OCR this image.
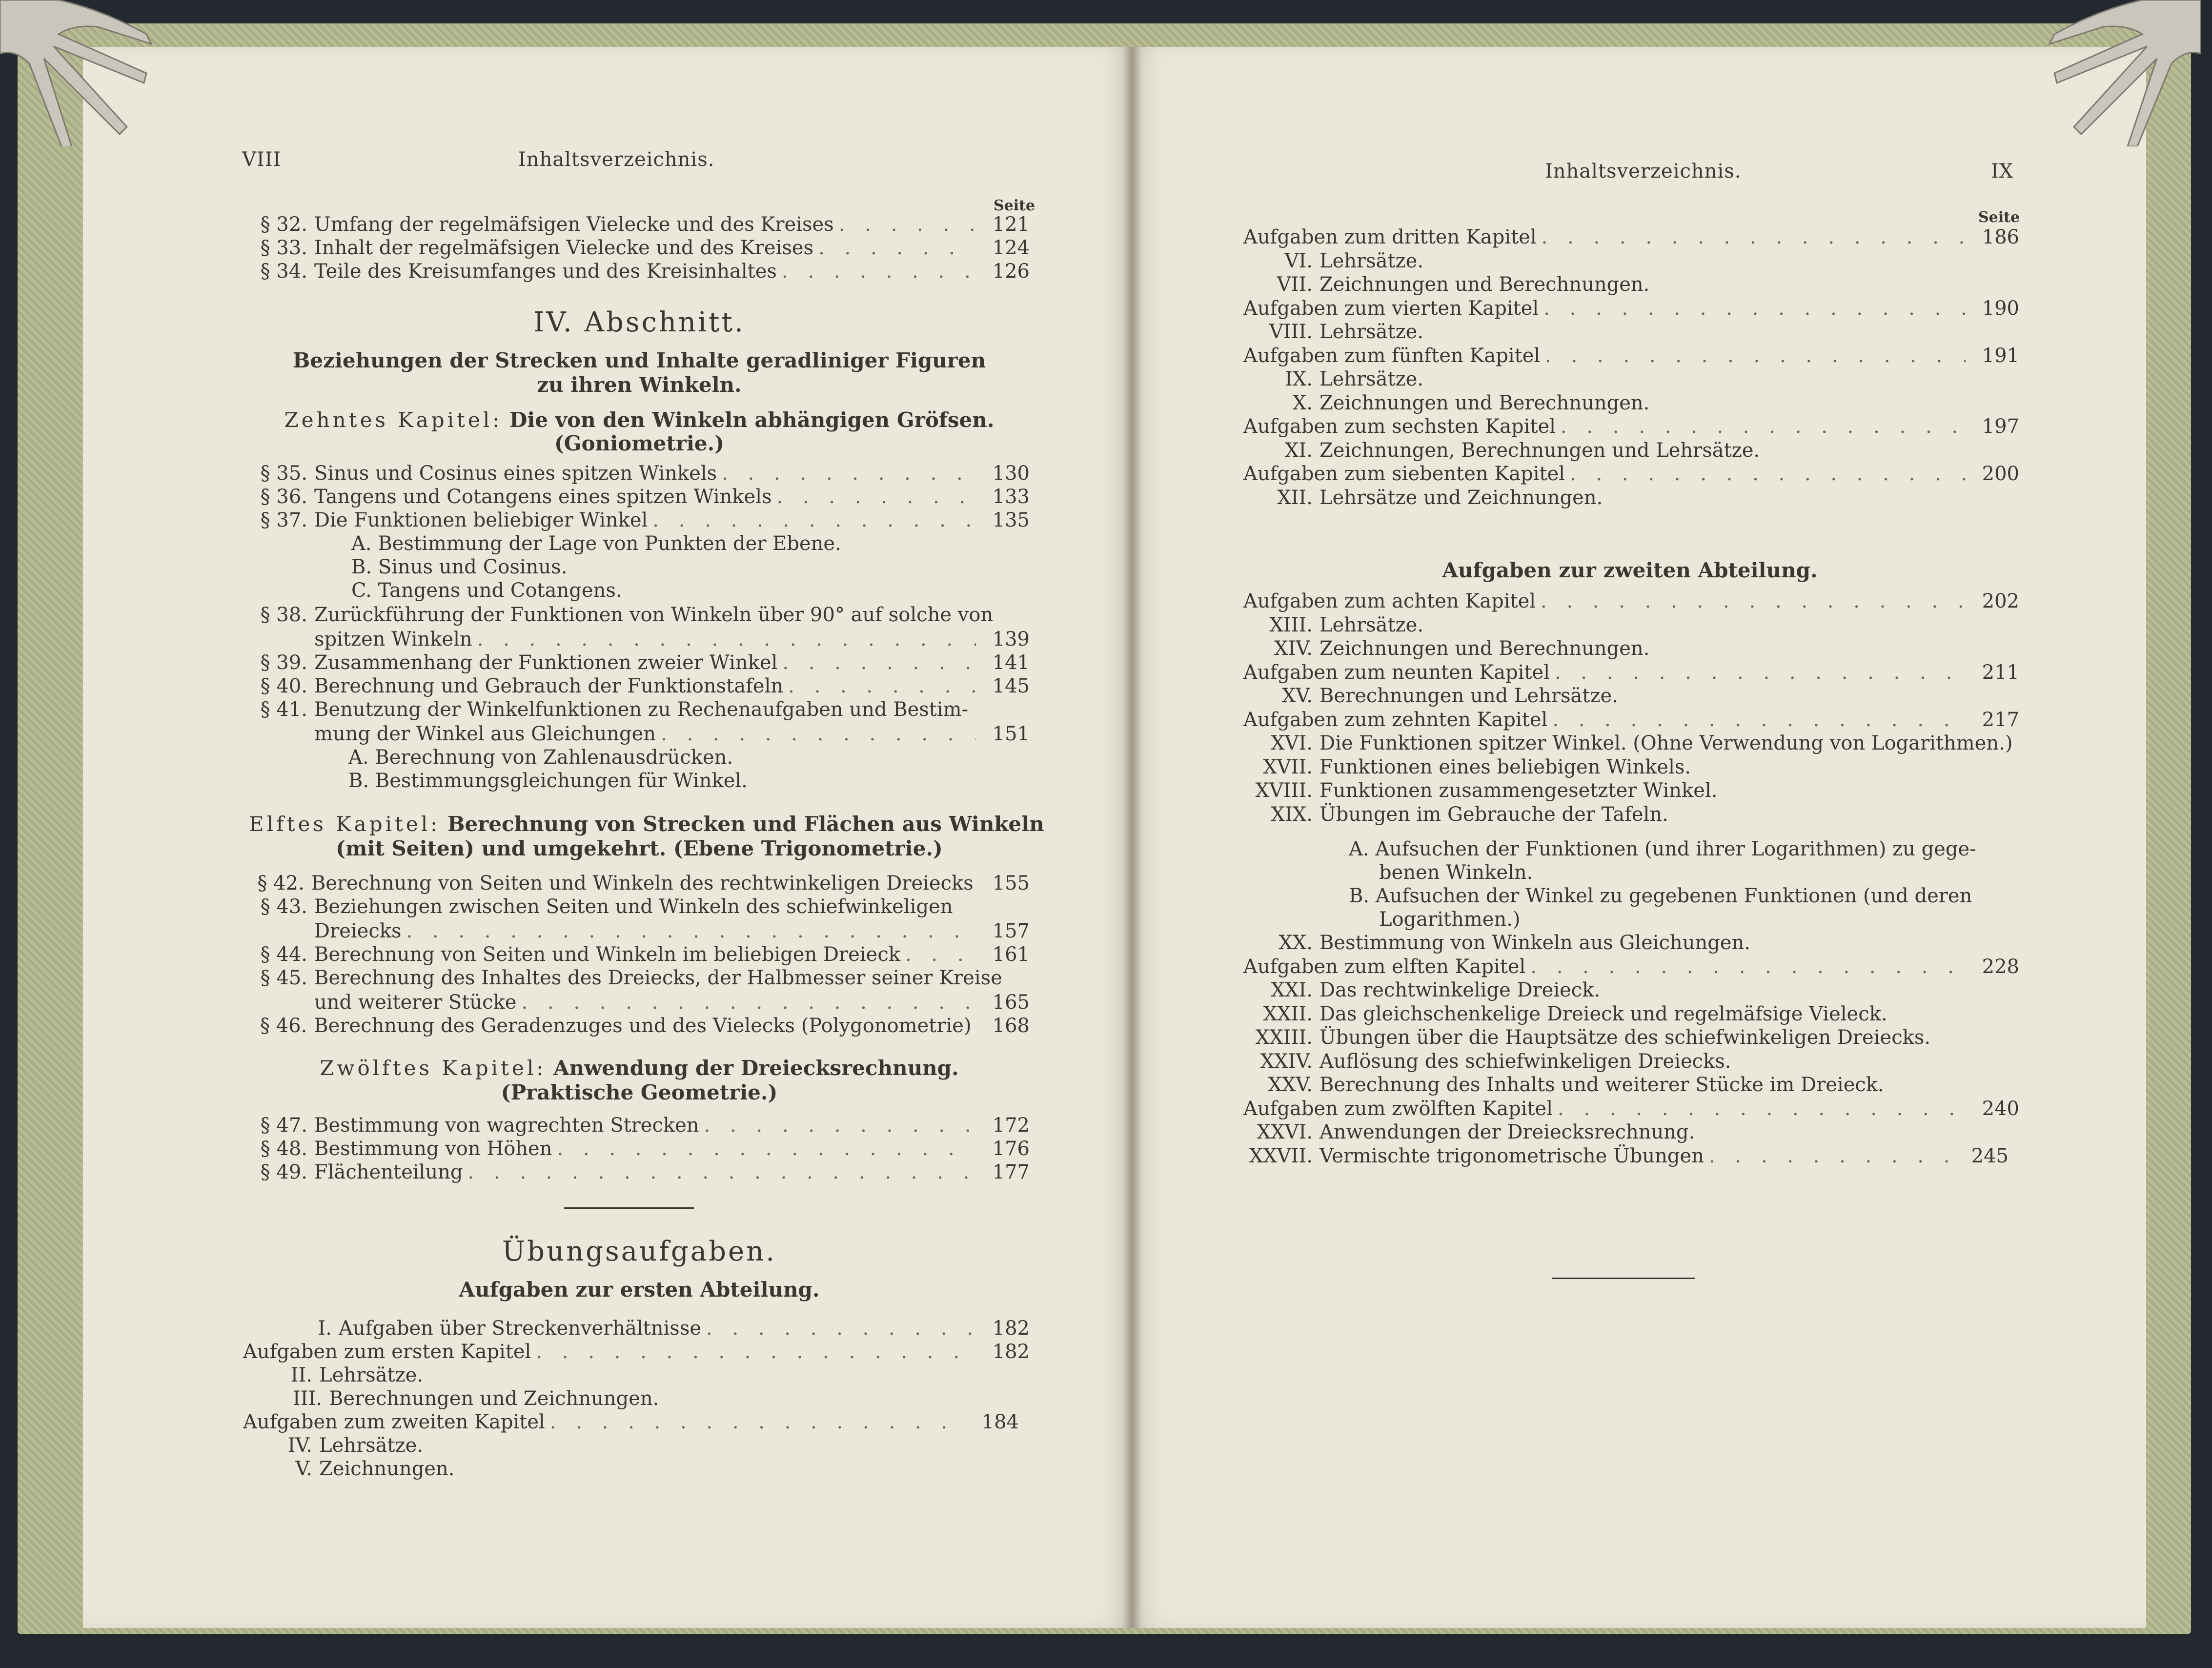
VIII	Inhaltsverzeichnis.
Seite
§ 32. Umfang der regelmäfsigen Vielecke und des Kreises . . .	121
§ 33. Inhalt der regelmäfsigen Vielecke und des Kreises . . .	124
§ 34. Teile des Kreisumfanges und des Kreisinhaltes . . .	126
IV. Abschnitt.
Beziehungen der Strecken und Inhalte geradliniger Figuren
zu ihren Winkeln.
Zehntes Kapitel: Die von den Winkeln abhängigen Gröfsen.
(Goniometrie.)
§ 35. Sinus und Cosinus eines spitzen Winkels . . .	130
§ 36. Tangens und Cotangens eines spitzen Winkels . . .	133
§ 37. Die Funktionen beliebiger Winkel . . .	135
A. Bestimmung der Lage von Punkten der Ebene.
B. Sinus und Cosinus.
C. Tangens und Cotangens.
§ 38. Zurückführung der Funktionen von Winkeln über 90° auf solche von
spitzen Winkeln . . .	139
§ 39. Zusammenhang der Funktionen zweier Winkel . . .	141
§ 40. Berechnung und Gebrauch der Funktionstafeln . . .	145
§ 41. Benutzung der Winkelfunktionen zu Rechenaufgaben und Bestim-
mung der Winkel aus Gleichungen . . .	151
A. Berechnung von Zahlenausdrücken.
B. Bestimmungsgleichungen für Winkel.
Elftes Kapitel: Berechnung von Strecken und Flächen aus Winkeln
(mit Seiten) und umgekehrt. (Ebene Trigonometrie.)
§ 42. Berechnung von Seiten und Winkeln des rechtwinkeligen Dreiecks 155
§ 43. Beziehungen zwischen Seiten und Winkeln des schiefwinkeligen
Dreiecks . . .	157
§ 44. Berechnung von Seiten und Winkeln im beliebigen Dreieck . . .	161
§ 45. Berechnung des Inhaltes des Dreiecks, der Halbmesser seiner Kreise
und weiterer Stücke . . .	165
§ 46. Berechnung des Geradenzuges und des Vielecks (Polygonometrie)	168
Zwölftes Kapitel: Anwendung der Dreiecksrechnung.
(Praktische Geometrie.)
§ 47. Bestimmung von wagrechten Strecken . . .	172
§ 48. Bestimmung von Höhen . . .	176
§ 49. Flächenteilung . . .	177
Übungsaufgaben.
Aufgaben zur ersten Abteilung.
I. Aufgaben über Streckenverhältnisse . . .	182
Aufgaben zum ersten Kapitel . . .	182
II. Lehrsätze.
III. Berechnungen und Zeichnungen.
Aufgaben zum zweiten Kapitel . . .	184
IV. Lehrsätze.
V. Zeichnungen.
Inhaltsverzeichnis.	IX
Seite
Aufgaben zum dritten Kapitel . . .	186
VI. Lehrsätze.
VII. Zeichnungen und Berechnungen.
Aufgaben zum vierten Kapitel . . .	190
VIII. Lehrsätze.
Aufgaben zum fünften Kapitel . . .	191
IX. Lehrsätze.
X. Zeichnungen und Berechnungen.
Aufgaben zum sechsten Kapitel . . .	197
XI. Zeichnungen, Berechnungen und Lehrsätze.
Aufgaben zum siebenten Kapitel . . .	200
XII. Lehrsätze und Zeichnungen.
Aufgaben zur zweiten Abteilung.
Aufgaben zum achten Kapitel . . .	202
XIII. Lehrsätze.
XIV. Zeichnungen und Berechnungen.
Aufgaben zum neunten Kapitel . . .	211
XV. Berechnungen und Lehrsätze.
Aufgaben zum zehnten Kapitel . . .	217
XVI. Die Funktionen spitzer Winkel. (Ohne Verwendung von Logarithmen.)
XVII. Funktionen eines beliebigen Winkels.
XVIII. Funktionen zusammengesetzter Winkel.
XIX. Übungen im Gebrauche der Tafeln.
A. Aufsuchen der Funktionen (und ihrer Logarithmen) zu gege-
benen Winkeln.
B. Aufsuchen der Winkel zu gegebenen Funktionen (und deren
Logarithmen.)
XX. Bestimmung von Winkeln aus Gleichungen.
Aufgaben zum elften Kapitel . . .	228
XXI. Das rechtwinkelige Dreieck.
XXII. Das gleichschenkelige Dreieck und regelmäfsige Vieleck.
XXIII. Übungen über die Hauptsätze des schiefwinkeligen Dreiecks.
XXIV. Auflösung des schiefwinkeligen Dreiecks.
XXV. Berechnung des Inhalts und weiterer Stücke im Dreieck.
Aufgaben zum zwölften Kapitel . . .	240
XXVI. Anwendungen der Dreiecksrechnung.
XXVII. Vermischte trigonometrische Übungen . . .	245
